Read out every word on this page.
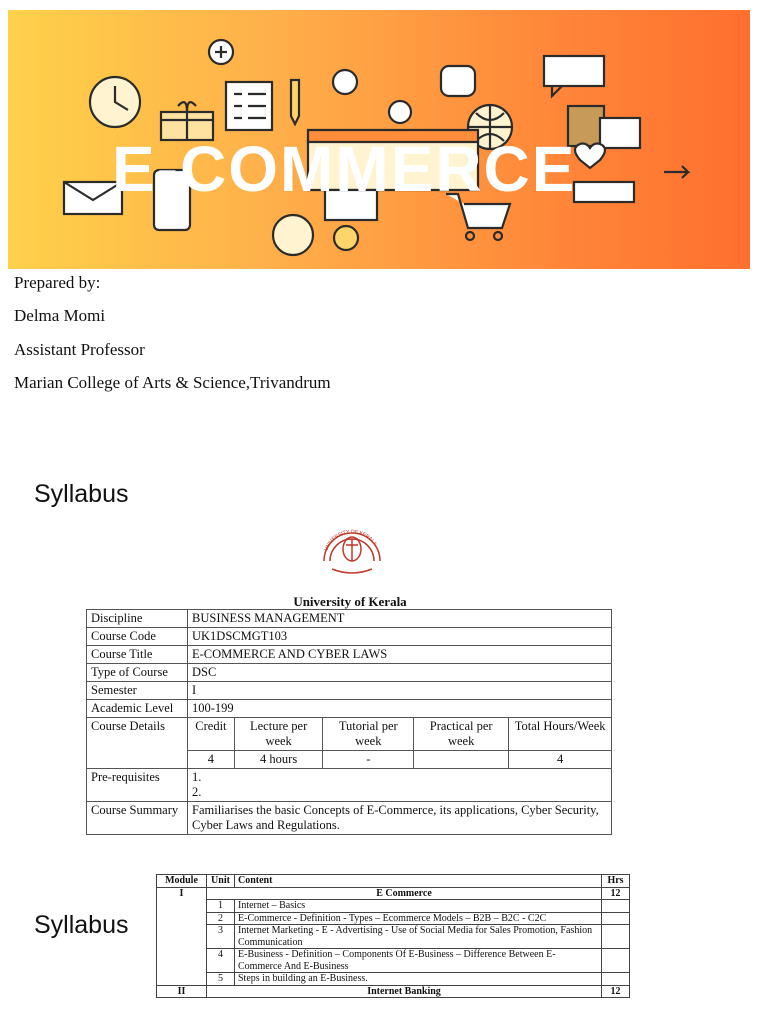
E-COMMERCE
Prepared by:
Delma Momi
Assistant Professor
Marian College of Arts & Science,Trivandrum
Syllabus
UNIVERSITY OF KERALA
University of Kerala
Discipline	BUSINESS MANAGEMENT				
Course Code	UK1DSCMGT103				
Course Title	E-COMMERCE AND CYBER LAWS				
Type of Course	DSC				
Semester	I				
Academic Level	100-199				
Course Details	Credit	Lecture per week	Tutorial per week	Practical per week	Total Hours/Week
	4	4 hours	-		4
Pre-requisites	1.
2.				

Course Summary	Familiarises the basic Concepts of E-Commerce, its applications, Cyber Security, Cyber Laws and Regulations.				
Syllabus
Module	Unit	Content	Hrs
I	E Commerce		12
	1	Internet – Basics	
	2	E-Commerce - Definition - Types – Ecommerce Models – B2B – B2C - C2C	
	3	Internet Marketing - E - Advertising - Use of Social Media for Sales Promotion, Fashion Communication	
	4	E-Business - Definition – Components Of E-Business – Difference Between E-Commerce And E-Business	
	5	Steps in building an E-Business.	
II	Internet Banking		12
